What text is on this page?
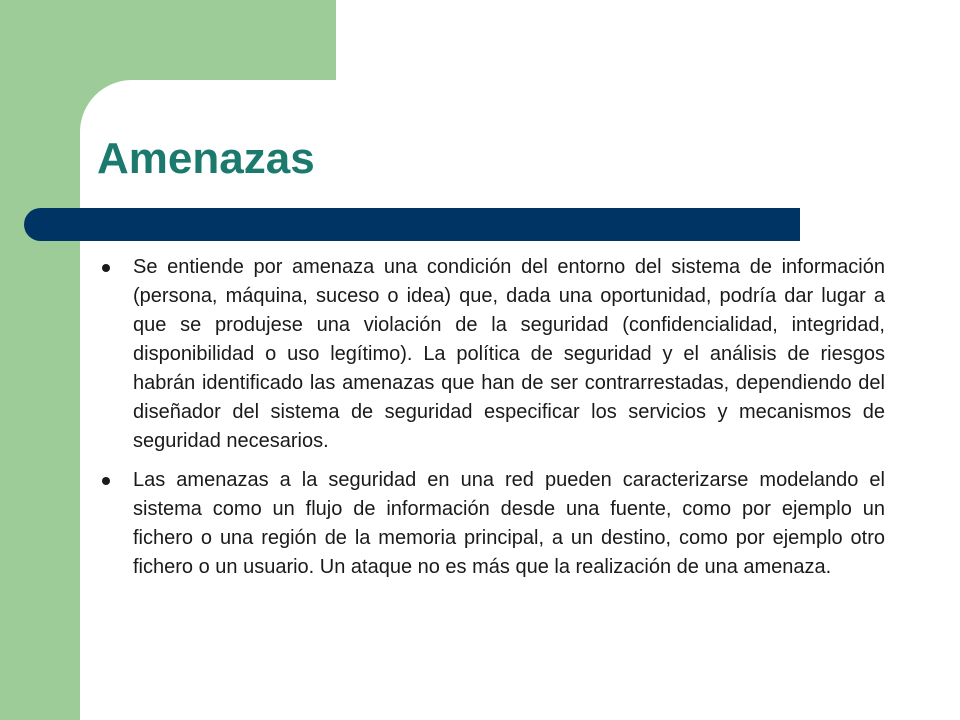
Amenazas
Se entiende por amenaza una condición del entorno del sistema de información (persona, máquina, suceso o idea) que, dada una oportunidad, podría dar lugar a que se produjese una violación de la seguridad (confidencialidad, integridad, disponibilidad o uso legítimo). La política de seguridad y el análisis de riesgos habrán identificado las amenazas que han de ser contrarrestadas, dependiendo del diseñador del sistema de seguridad especificar los servicios y mecanismos de seguridad necesarios.
Las amenazas a la seguridad en una red pueden caracterizarse modelando el sistema como un flujo de información desde una fuente, como por ejemplo un fichero o una región de la memoria principal, a un destino, como por ejemplo otro fichero o un usuario. Un ataque no es más que la realización de una amenaza.
